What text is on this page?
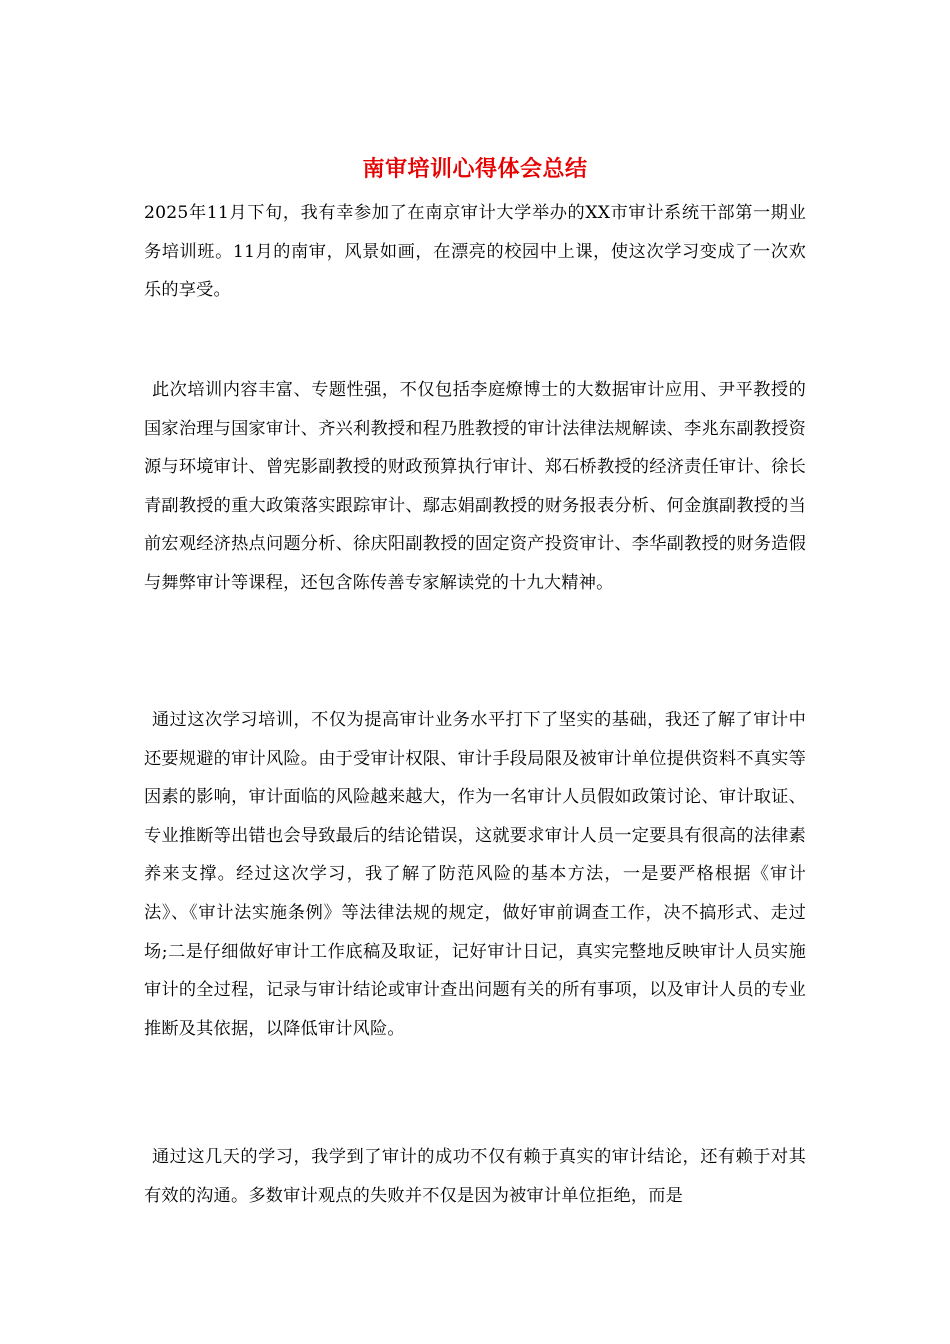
南审培训心得体会总结

2025年11月下旬，我有幸参加了在南京审计大学举办的XX市审计系统干部第一期业务培训班。11月的南审，风景如画，在漂亮的校园中上课，使这次学习变成了一次欢乐的享受。

此次培训内容丰富、专题性强，不仅包括李庭燎博士的大数据审计应用、尹平教授的国家治理与国家审计、齐兴利教授和程乃胜教授的审计法律法规解读、李兆东副教授资源与环境审计、曾宪影副教授的财政预算执行审计、郑石桥教授的经济责任审计、徐长青副教授的重大政策落实跟踪审计、鄢志娟副教授的财务报表分析、何金旗副教授的当前宏观经济热点问题分析、徐庆阳副教授的固定资产投资审计、李华副教授的财务造假与舞弊审计等课程，还包含陈传善专家解读党的十九大精神。

通过这次学习培训，不仅为提高审计业务水平打下了坚实的基础，我还了解了审计中还要规避的审计风险。由于受审计权限、审计手段局限及被审计单位提供资料不真实等因素的影响，审计面临的风险越来越大，作为一名审计人员假如政策讨论、审计取证、专业推断等出错也会导致最后的结论错误，这就要求审计人员一定要具有很高的法律素养来支撑。经过这次学习，我了解了防范风险的基本方法，一是要严格根据《审计法》、《审计法实施条例》等法律法规的规定，做好审前调查工作，决不搞形式、走过场;二是仔细做好审计工作底稿及取证，记好审计日记，真实完整地反映审计人员实施审计的全过程，记录与审计结论或审计查出问题有关的所有事项，以及审计人员的专业推断及其依据，以降低审计风险。

通过这几天的学习，我学到了审计的成功不仅有赖于真实的审计结论，还有赖于对其有效的沟通。多数审计观点的失败并不仅是因为被审计单位拒绝，而是
